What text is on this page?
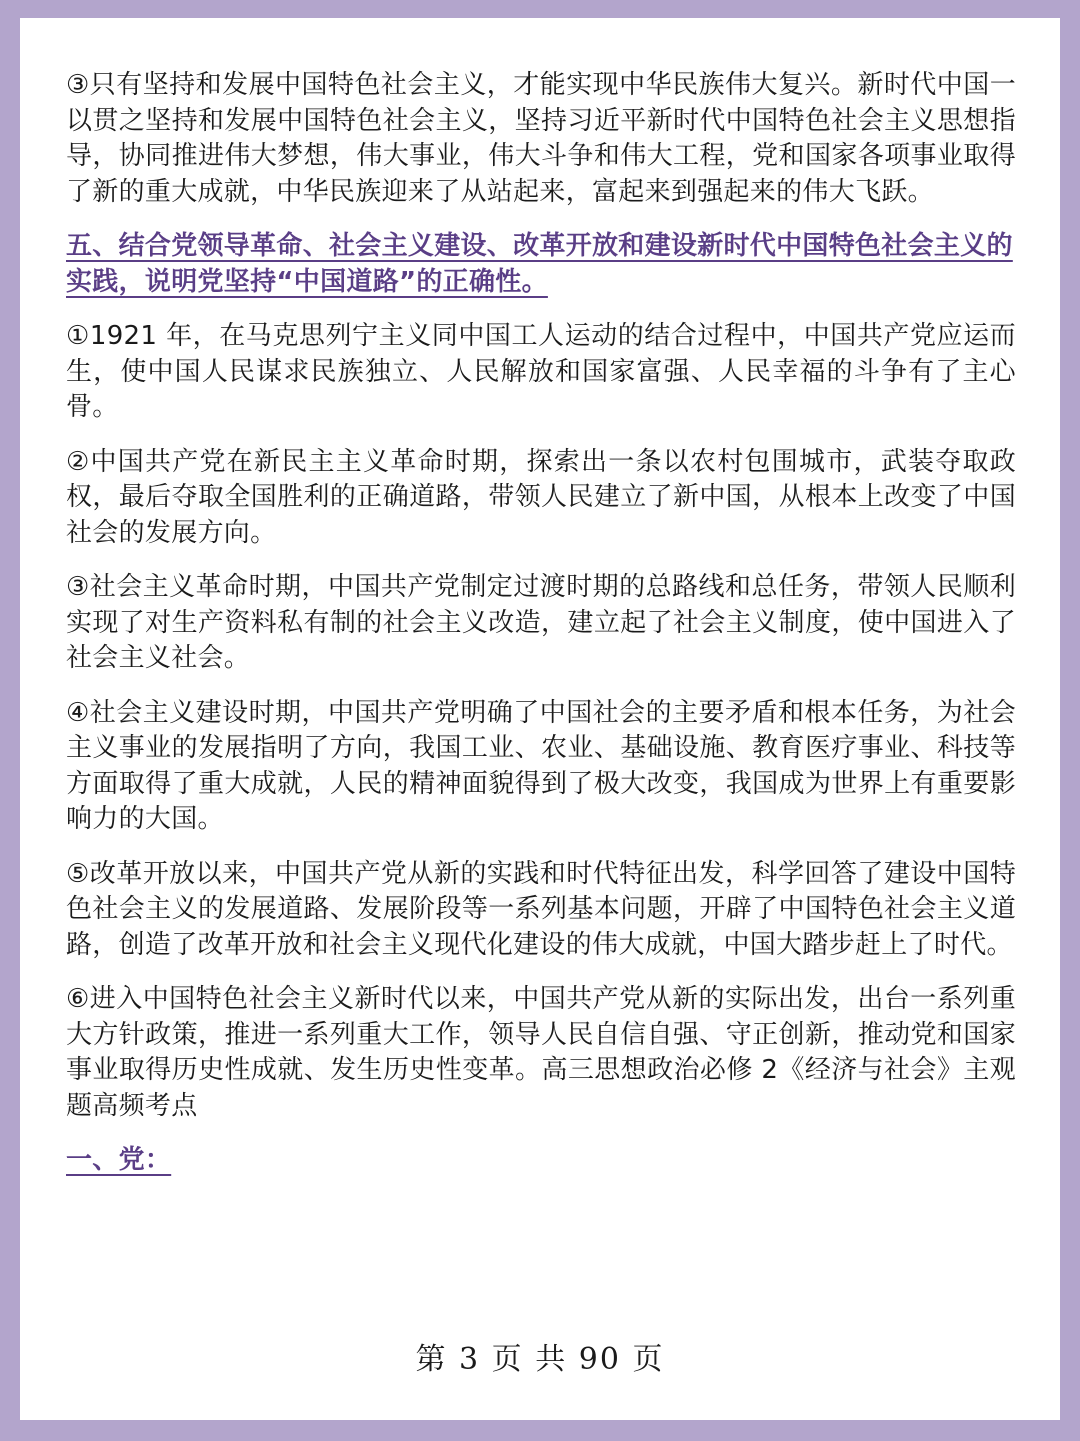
③只有坚持和发展中国特色社会主义，才能实现中华民族伟大复兴。新时代中国一以贯之坚持和发展中国特色社会主义，坚持习近平新时代中国特色社会主义思想指导，协同推进伟大梦想，伟大事业，伟大斗争和伟大工程，党和国家各项事业取得了新的重大成就，中华民族迎来了从站起来，富起来到强起来的伟大飞跃。

五、结合党领导革命、社会主义建设、改革开放和建设新时代中国特色社会主义的实践，说明党坚持“中国道路”的正确性。

①1921 年，在马克思列宁主义同中国工人运动的结合过程中，中国共产党应运而生，使中国人民谋求民族独立、人民解放和国家富强、人民幸福的斗争有了主心骨。

②中国共产党在新民主主义革命时期，探索出一条以农村包围城市，武装夺取政权，最后夺取全国胜利的正确道路，带领人民建立了新中国，从根本上改变了中国社会的发展方向。

③社会主义革命时期，中国共产党制定过渡时期的总路线和总任务，带领人民顺利实现了对生产资料私有制的社会主义改造，建立起了社会主义制度，使中国进入了社会主义社会。

④社会主义建设时期，中国共产党明确了中国社会的主要矛盾和根本任务，为社会主义事业的发展指明了方向，我国工业、农业、基础设施、教育医疗事业、科技等方面取得了重大成就，人民的精神面貌得到了极大改变，我国成为世界上有重要影响力的大国。

⑤改革开放以来，中国共产党从新的实践和时代特征出发，科学回答了建设中国特色社会主义的发展道路、发展阶段等一系列基本问题，开辟了中国特色社会主义道路，创造了改革开放和社会主义现代化建设的伟大成就，中国大踏步赶上了时代。

⑥进入中国特色社会主义新时代以来，中国共产党从新的实际出发，出台一系列重大方针政策，推进一系列重大工作，领导人民自信自强、守正创新，推动党和国家事业取得历史性成就、发生历史性变革。高三思想政治必修 2《经济与社会》主观题高频考点

一、党：

第 3 页 共 90 页
